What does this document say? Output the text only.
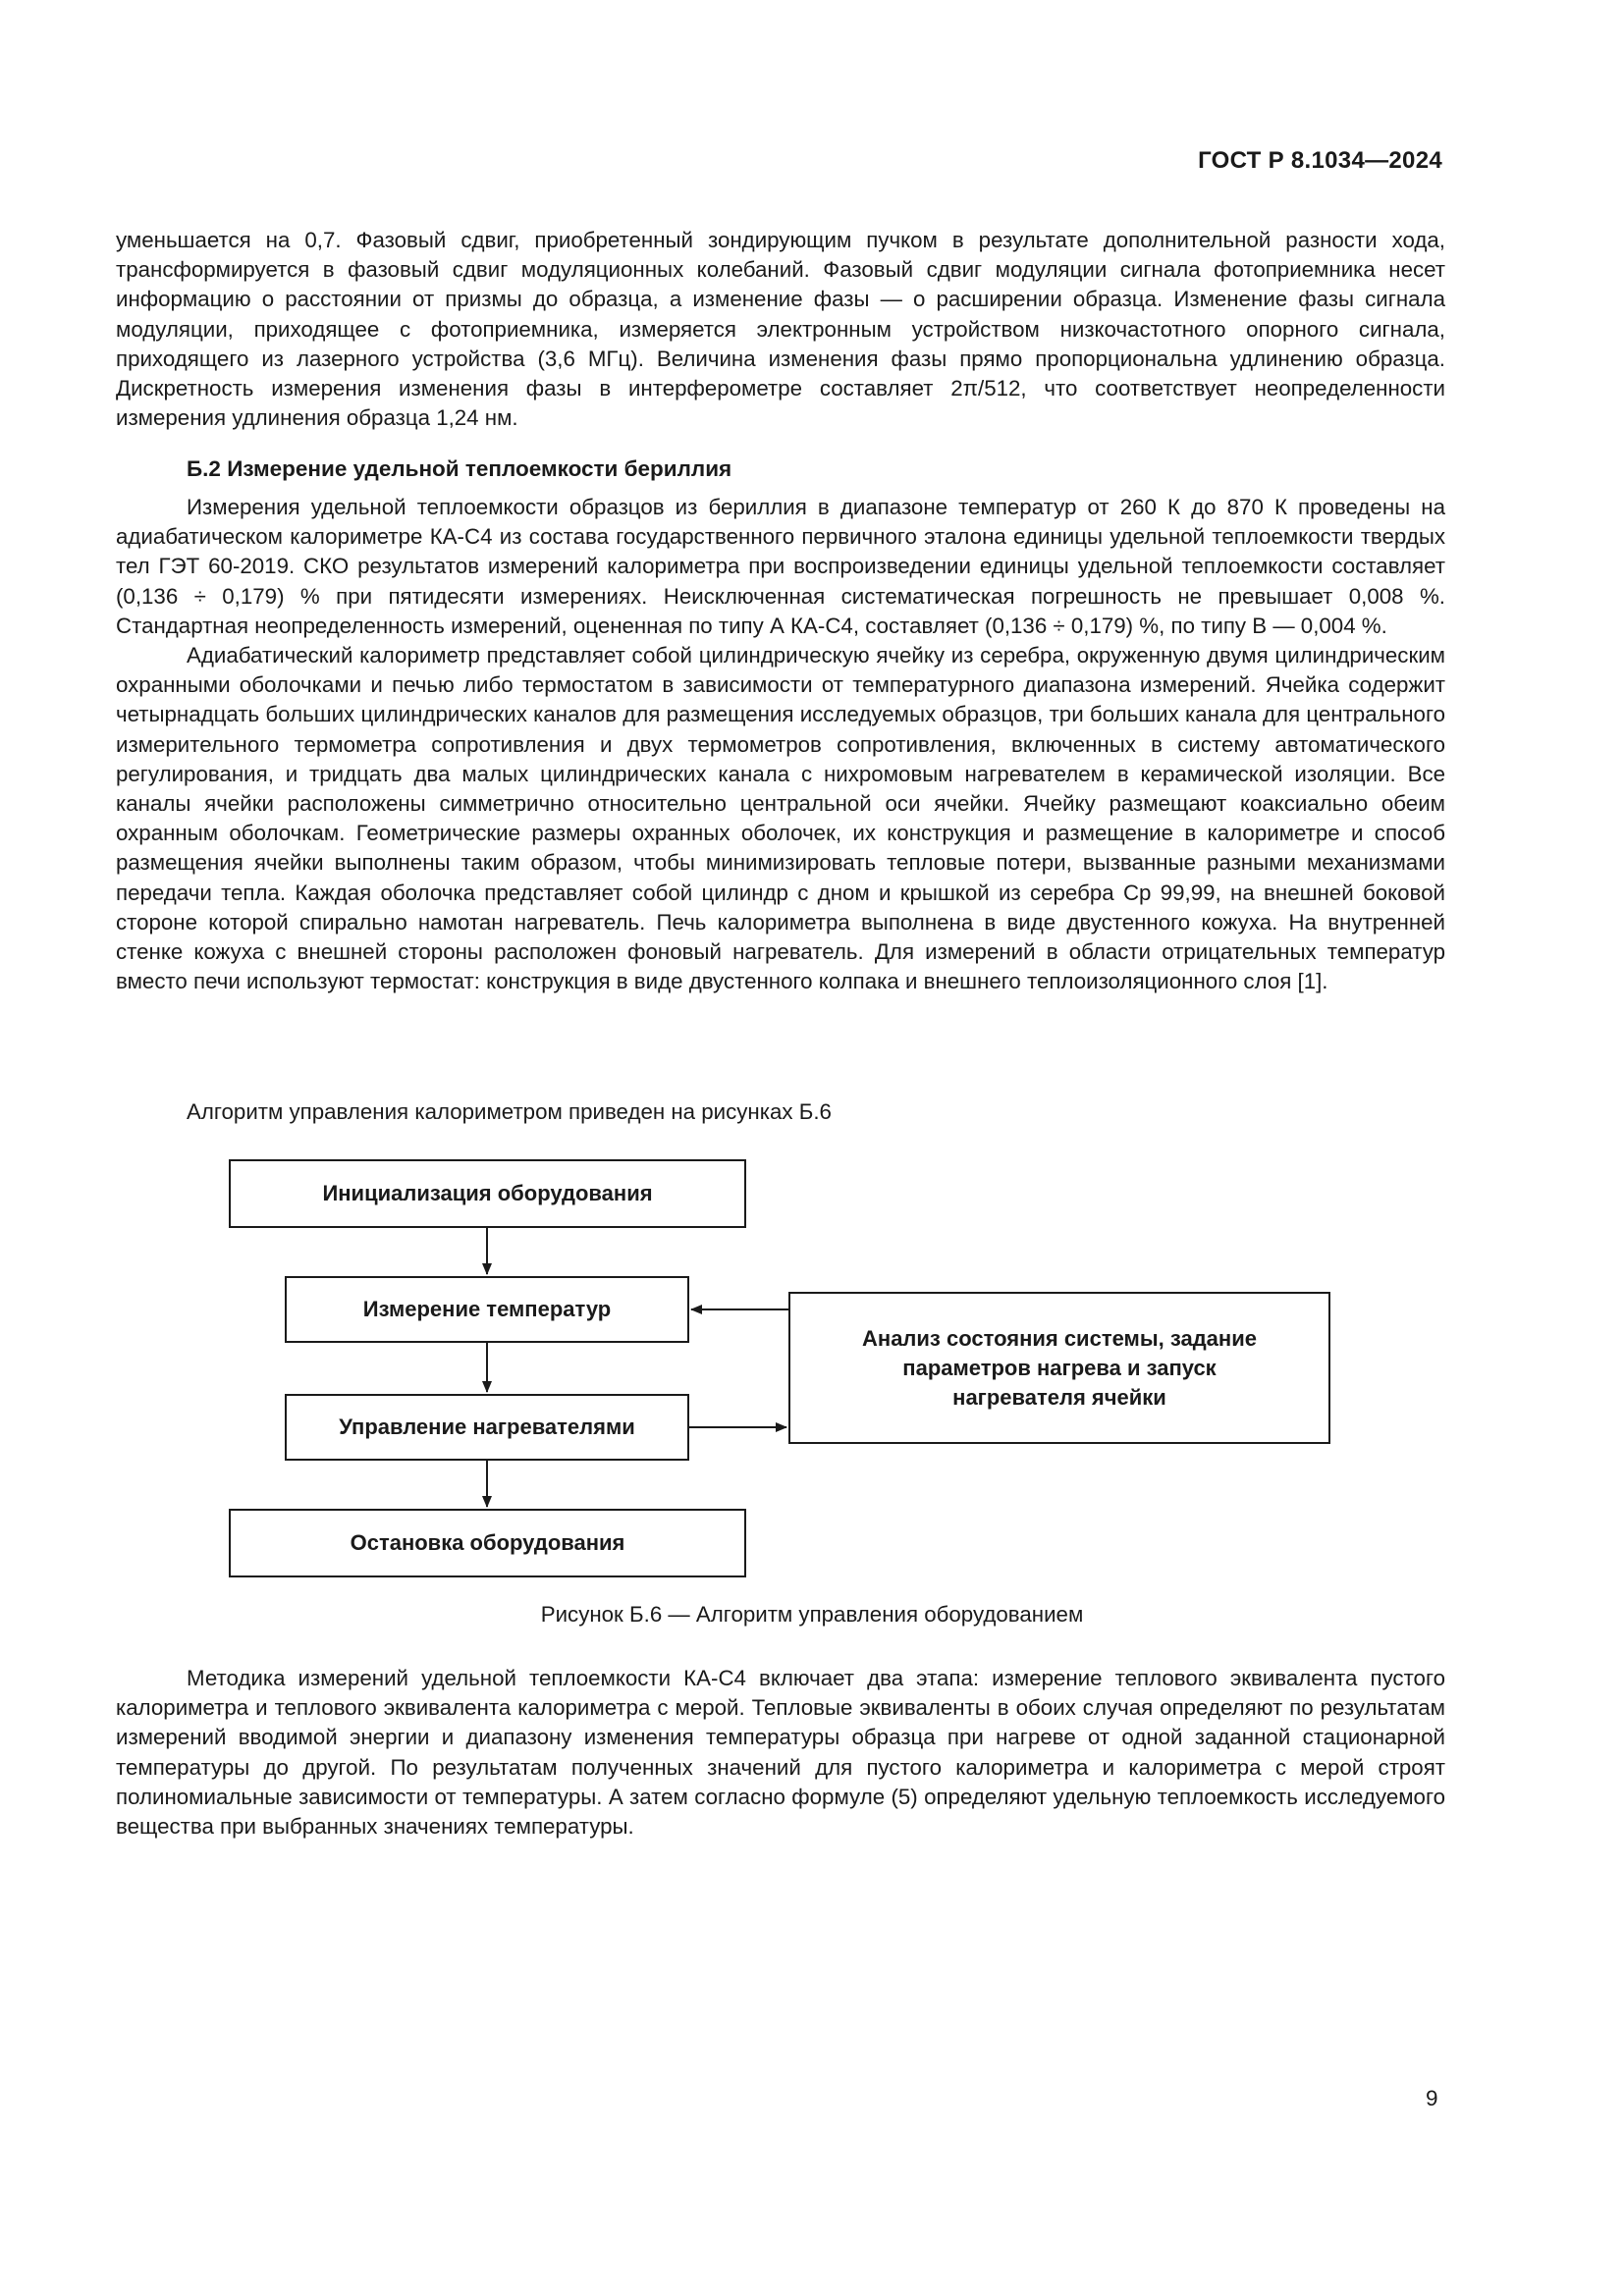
ГОСТ Р 8.1034—2024

уменьшается на 0,7. Фазовый сдвиг, приобретенный зондирующим пучком в результате дополнительной разности хода, трансформируется в фазовый сдвиг модуляционных колебаний. Фазовый сдвиг модуляции сигнала фотоприемника несет информацию о расстоянии от призмы до образца, а изменение фазы — о расширении образца. Изменение фазы сигнала модуляции, приходящее с фотоприемника, измеряется электронным устройством низкочастотного опорного сигнала, приходящего из лазерного устройства (3,6 МГц). Величина изменения фазы прямо пропорциональна удлинению образца. Дискретность измерения изменения фазы в интерферометре составляет 2π/512, что соответствует неопределенности измерения удлинения образца 1,24 нм.

Б.2 Измерение удельной теплоемкости бериллия

Измерения удельной теплоемкости образцов из бериллия в диапазоне температур от 260 К до 870 К проведены на адиабатическом калориметре КА-С4 из состава государственного первичного эталона единицы удельной теплоемкости твердых тел ГЭТ 60-2019. СКО результатов измерений калориметра при воспроизведении единицы удельной теплоемкости составляет (0,136 ÷ 0,179) % при пятидесяти измерениях. Неисключенная систематическая погрешность не превышает 0,008 %. Стандартная неопределенность измерений, оцененная по типу А КА-С4, составляет (0,136 ÷ 0,179) %, по типу В — 0,004 %.

Адиабатический калориметр представляет собой цилиндрическую ячейку из серебра, окруженную двумя цилиндрическим охранными оболочками и печью либо термостатом в зависимости от температурного диапазона измерений. Ячейка содержит четырнадцать больших цилиндрических каналов для размещения исследуемых образцов, три больших канала для центрального измерительного термометра сопротивления и двух термометров сопротивления, включенных в систему автоматического регулирования, и тридцать два малых цилиндрических канала с нихромовым нагревателем в керамической изоляции. Все каналы ячейки расположены симметрично относительно центральной оси ячейки. Ячейку размещают коаксиально обеим охранным оболочкам. Геометрические размеры охранных оболочек, их конструкция и размещение в калориметре и способ размещения ячейки выполнены таким образом, чтобы минимизировать тепловые потери, вызванные разными механизмами передачи тепла. Каждая оболочка представляет собой цилиндр с дном и крышкой из серебра Ср 99,99, на внешней боковой стороне которой спирально намотан нагреватель. Печь калориметра выполнена в виде двустенного кожуха. На внутренней стенке кожуха с внешней стороны расположен фоновый нагреватель. Для измерений в области отрицательных температур вместо печи используют термостат: конструкция в виде двустенного колпака и внешнего теплоизоляционного слоя [1].

Алгоритм управления калориметром приведен на рисунках Б.6
Инициализация оборудования
Измерение температур
Управление нагревателями
Остановка оборудования
Анализ состояния системы, задание параметров нагрева и запуск нагревателя ячейки
Рисунок Б.6 — Алгоритм управления оборудованием

Методика измерений удельной теплоемкости КА-С4 включает два этапа: измерение теплового эквивалента пустого калориметра и теплового эквивалента калориметра с мерой. Тепловые эквиваленты в обоих случая определяют по результатам измерений вводимой энергии и диапазону изменения температуры образца при нагреве от одной заданной стационарной температуры до другой. По результатам полученных значений для пустого калориметра и калориметра с мерой строят полиномиальные зависимости от температуры. А затем согласно формуле (5) определяют удельную теплоемкость исследуемого вещества при выбранных значениях температуры.

9
